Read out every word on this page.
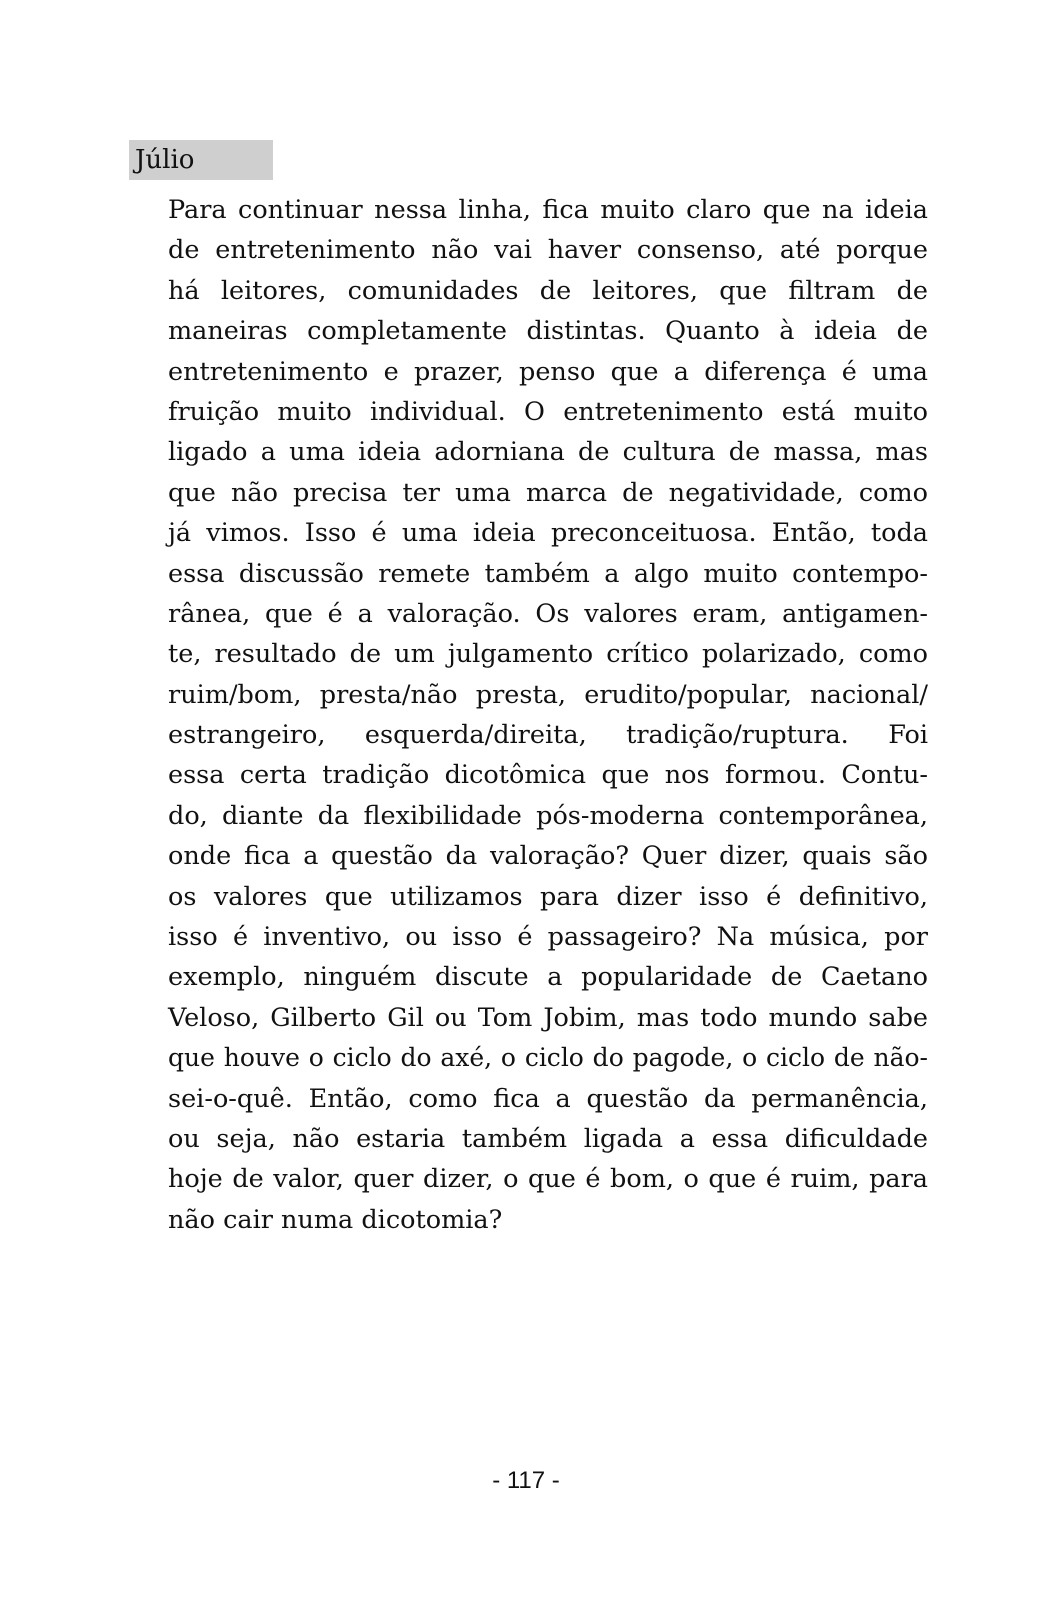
Júlio
Para continuar nessa linha, fica muito claro que na ideia
de entretenimento não vai haver consenso, até porque
há leitores, comunidades de leitores, que filtram de
maneiras completamente distintas. Quanto à ideia de
entretenimento e prazer, penso que a diferença é uma
fruição muito individual. O entretenimento está muito
ligado a uma ideia adorniana de cultura de massa, mas
que não precisa ter uma marca de negatividade, como
já vimos. Isso é uma ideia preconceituosa. Então, toda
essa discussão remete também a algo muito contempo-
rânea, que é a valoração. Os valores eram, antigamen-
te, resultado de um julgamento crítico polarizado, como
ruim/bom, presta/não presta, erudito/popular, nacional/
estrangeiro, esquerda/direita, tradição/ruptura. Foi
essa certa tradição dicotômica que nos formou. Contu-
do, diante da flexibilidade pós-moderna contemporânea,
onde fica a questão da valoração? Quer dizer, quais são
os valores que utilizamos para dizer isso é definitivo,
isso é inventivo, ou isso é passageiro? Na música, por
exemplo, ninguém discute a popularidade de Caetano
Veloso, Gilberto Gil ou Tom Jobim, mas todo mundo sabe
que houve o ciclo do axé, o ciclo do pagode, o ciclo de não-
sei-o-quê. Então, como fica a questão da permanência,
ou seja, não estaria também ligada a essa dificuldade
hoje de valor, quer dizer, o que é bom, o que é ruim, para
não cair numa dicotomia?
- 117 -
